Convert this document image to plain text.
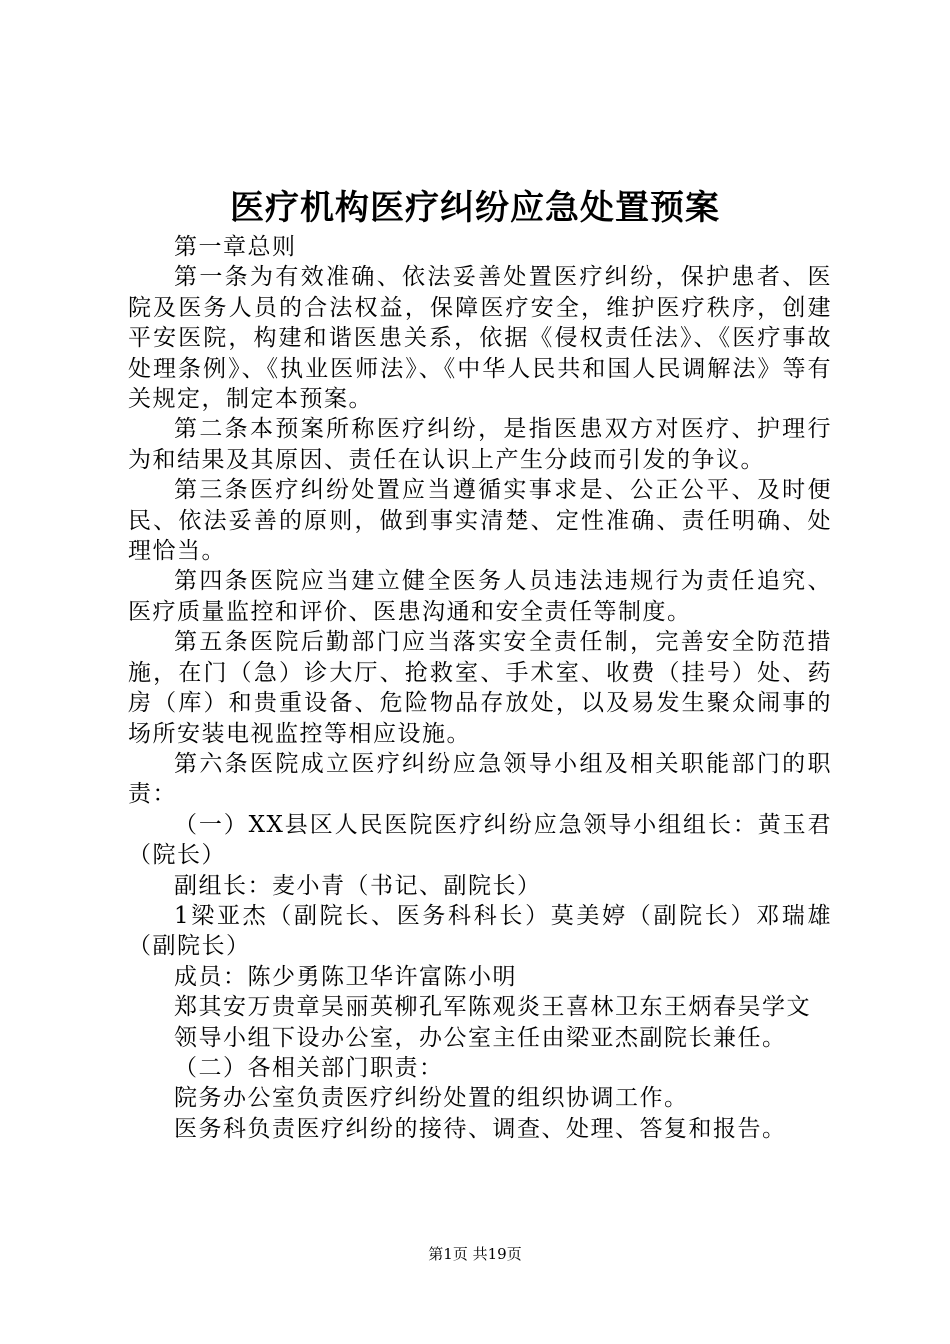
医疗机构医疗纠纷应急处置预案

第一章总则

第一条为有效准确、依法妥善处置医疗纠纷，保护患者、医院及医务人员的合法权益，保障医疗安全，维护医疗秩序，创建平安医院，构建和谐医患关系，依据《侵权责任法》、《医疗事故处理条例》、《执业医师法》、《中华人民共和国人民调解法》等有关规定，制定本预案。

第二条本预案所称医疗纠纷，是指医患双方对医疗、护理行为和结果及其原因、责任在认识上产生分歧而引发的争议。

第三条医疗纠纷处置应当遵循实事求是、公正公平、及时便民、依法妥善的原则，做到事实清楚、定性准确、责任明确、处理恰当。

第四条医院应当建立健全医务人员违法违规行为责任追究、医疗质量监控和评价、医患沟通和安全责任等制度。

第五条医院后勤部门应当落实安全责任制，完善安全防范措施，在门（急）诊大厅、抢救室、手术室、收费（挂号）处、药房（库）和贵重设备、危险物品存放处，以及易发生聚众闹事的场所安装电视监控等相应设施。

第六条医院成立医疗纠纷应急领导小组及相关职能部门的职责：

（一）XX县区人民医院医疗纠纷应急领导小组组长：黄玉君（院长）

副组长：麦小青（书记、副院长）

1梁亚杰（副院长、医务科科长）莫美婷（副院长）邓瑞雄（副院长）

成员：陈少勇陈卫华许富陈小明

郑其安万贵章吴丽英柳孔军陈观炎王喜林卫东王炳春吴学文

领导小组下设办公室，办公室主任由梁亚杰副院长兼任。

（二）各相关部门职责：

院务办公室负责医疗纠纷处置的组织协调工作。

医务科负责医疗纠纷的接待、调查、处理、答复和报告。

第1页 共19页
